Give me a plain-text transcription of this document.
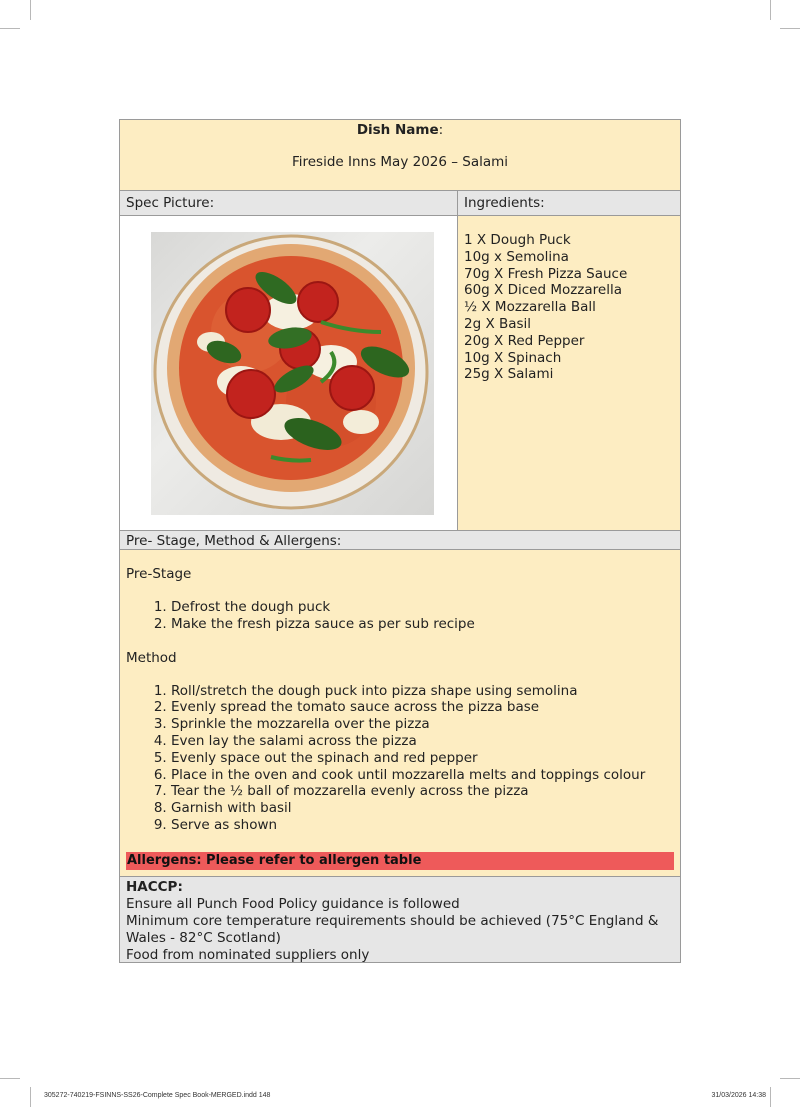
Dish Name:
Fireside Inns May 2026 – Salami
Spec Picture:	Ingredients:
1 X Dough Puck
10g x Semolina
70g X Fresh Pizza Sauce
60g X Diced Mozzarella
½ X Mozzarella Ball
2g X Basil
20g X Red Pepper
10g X Spinach
25g X Salami
Pre- Stage, Method & Allergens:
Pre-Stage
1. Defrost the dough puck
2. Make the fresh pizza sauce as per sub recipe
Method
1. Roll/stretch the dough puck into pizza shape using semolina
2. Evenly spread the tomato sauce across the pizza base
3. Sprinkle the mozzarella over the pizza
4. Even lay the salami across the pizza
5. Evenly space out the spinach and red pepper
6. Place in the oven and cook until mozzarella melts and toppings colour
7. Tear the ½ ball of mozzarella evenly across the pizza
8. Garnish with basil
9. Serve as shown
Allergens: Please refer to allergen table
HACCP:
Ensure all Punch Food Policy guidance is followed
Minimum core temperature requirements should be achieved (75°C England &
Wales - 82°C Scotland)
Food from nominated suppliers only
305272-740219-FSINNS-SS26-Complete Spec Book-MERGED.indd 148	31/03/2026 14:38
